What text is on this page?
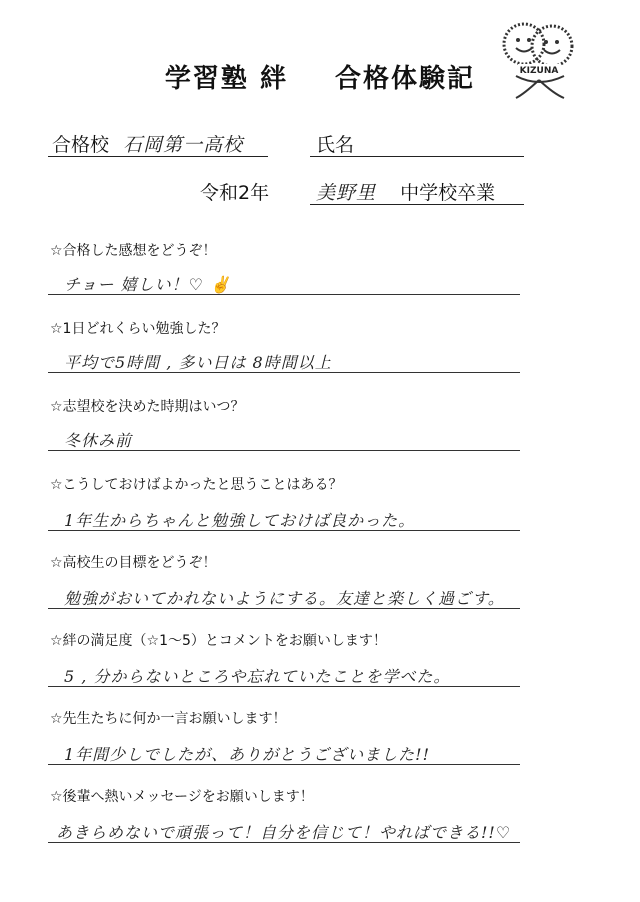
学習塾 絆 合格体験記	KIZUNA
合格校 石岡第一高校	氏名
令和2年 美野里 中学校卒業
☆合格した感想をどうぞ！
チョー 嬉しい！♡ ✌
☆1日どれくらい勉強した？
平均で5時間 , 多い日は 8時間以上
☆志望校を決めた時期はいつ？
冬休み前
☆こうしておけばよかったと思うことはある？
1年生からちゃんと勉強しておけば良かった。
☆高校生の目標をどうぞ！
勉強がおいてかれないようにする。友達と楽しく過ごす。
☆絆の満足度（☆1～5）とコメントをお願いします！
5 , 分からないところや忘れていたことを学べた。
☆先生たちに何か一言お願いします！
1年間少しでしたが、ありがとうございました!!
☆後輩へ熱いメッセージをお願いします！
あきらめないで頑張って！自分を信じて！やればできる!!♡
